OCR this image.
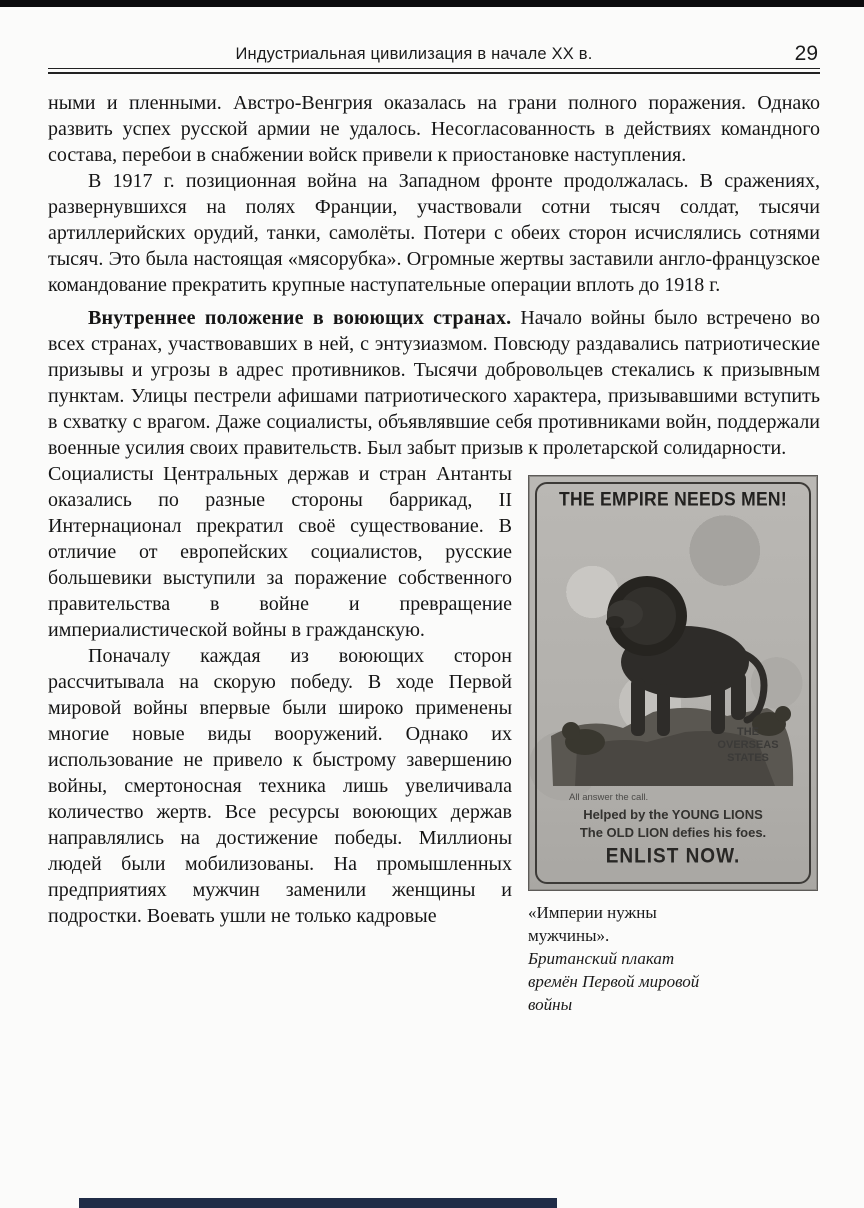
Индустриальная цивилизация в начале XX в.	29

ными и пленными. Австро-Венгрия оказалась на грани полного поражения. Однако развить успех русской армии не удалось. Несогласованность в действиях командного состава, перебои в снабжении войск привели к приостановке наступления.

В 1917 г. позиционная война на Западном фронте продолжалась. В сражениях, развернувшихся на полях Франции, участвовали сотни тысяч солдат, тысячи артиллерийских орудий, танки, самолёты. Потери с обеих сторон исчислялись сотнями тысяч. Это была настоящая «мясорубка». Огромные жертвы заставили англо-французское командование прекратить крупные наступательные операции вплоть до 1918 г.

Внутреннее положение в воюющих странах. Начало войны было встречено во всех странах, участвовавших в ней, с энтузиазмом. Повсюду раздавались патриотические призывы и угрозы в адрес противников. Тысячи добровольцев стекались к призывным пунктам. Улицы пестрели афишами патриотического характера, призывавшими вступить в схватку с врагом. Даже социалисты, объявлявшие себя противниками войн, поддержали военные усилия своих правительств. Был забыт призыв к пролетарской солидарности.

THE EMPIRE NEEDS MEN!
THE OVERSEAS STATES
All answer the call.
Helped by the YOUNG LIONS
The OLD LION defies his foes.
ENLIST NOW.
«Империи нужны
мужчины».
Британский плакат
времён Первой мировой
войны

Социалисты Центральных держав и стран Антанты оказались по разные стороны баррикад, II Интернационал прекратил своё существование. В отличие от европейских социалистов, русские большевики выступили за поражение собственного правительства в войне и превращение империалистической войны в гражданскую.

Поначалу каждая из воюющих сторон рассчитывала на скорую победу. В ходе Первой мировой войны впервые были широко применены многие новые виды вооружений. Однако их использование не привело к быстрому завершению войны, смертоносная техника лишь увеличивала количество жертв. Все ресурсы воюющих держав направлялись на достижение победы. Миллионы людей были мобилизованы. На промышленных предприятиях мужчин заменили женщины и подростки. Воевать ушли не только кадровые
